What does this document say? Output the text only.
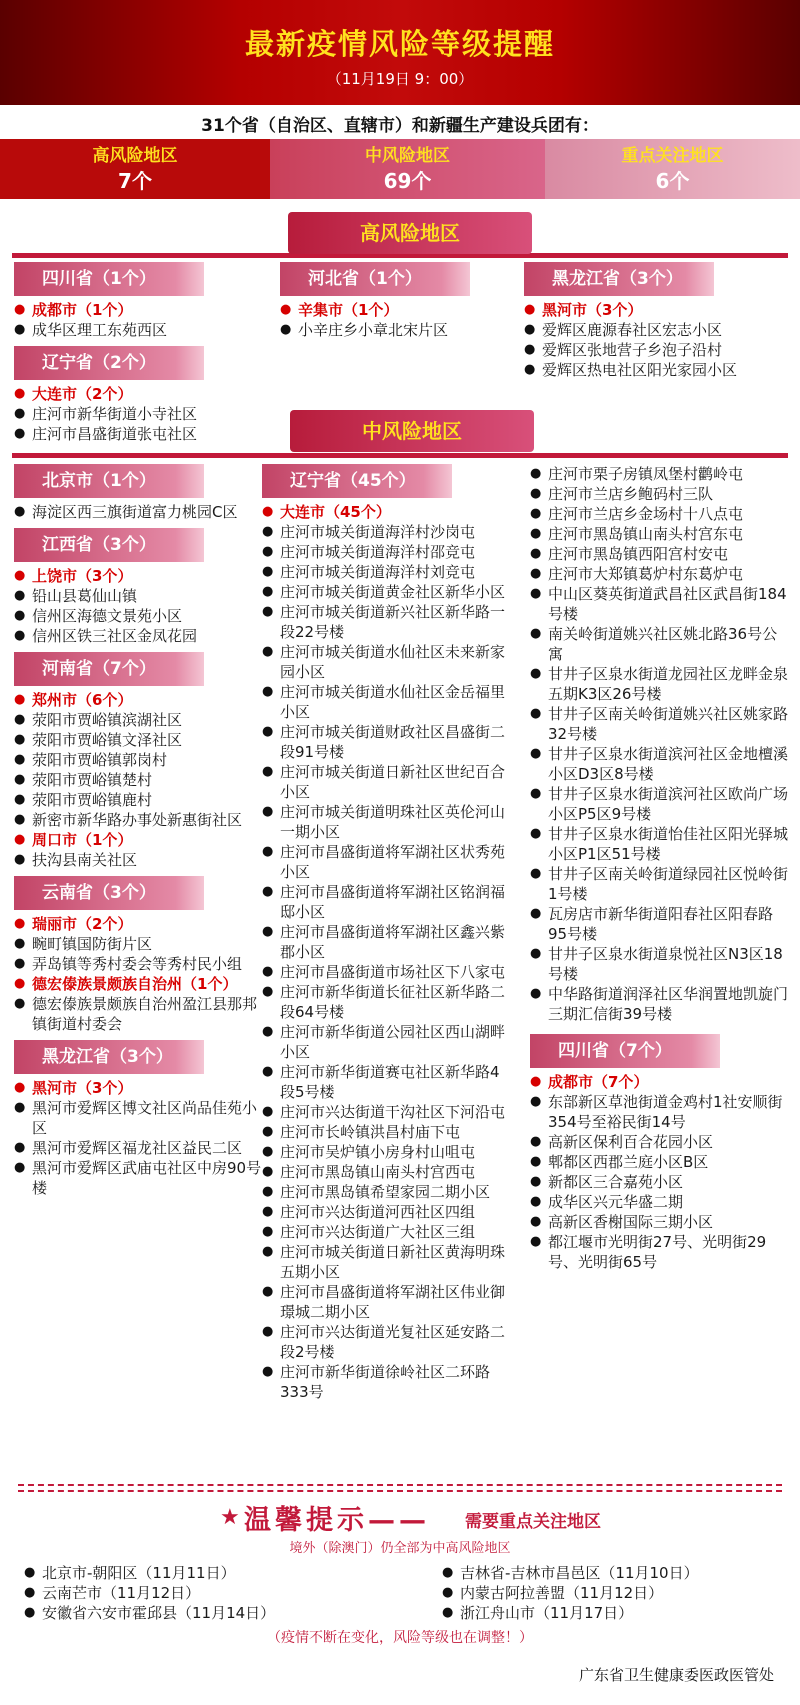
最新疫情风险等级提醒
（11月19日 9：00）
31个省（自治区、直辖市）和新疆生产建设兵团有：
高风险地区
7个
中风险地区
69个
重点关注地区
6个
高风险地区
四川省（1个）
● 成都市（1个）
● 成华区理工东苑西区
辽宁省（2个）
● 大连市（2个）
● 庄河市新华街道小寺社区
● 庄河市昌盛街道张屯社区
河北省（1个）
● 辛集市（1个）
● 小辛庄乡小章北宋片区
黑龙江省（3个）
● 黑河市（3个）
● 爱辉区鹿源春社区宏志小区
● 爱辉区张地营子乡泡子沿村
● 爱辉区热电社区阳光家园小区
中风险地区
北京市（1个）
● 海淀区西三旗街道富力桃园C区
江西省（3个）
● 上饶市（3个）
● 铅山县葛仙山镇
● 信州区海德文景苑小区
● 信州区铁三社区金凤花园
河南省（7个）
● 郑州市（6个）
● 荥阳市贾峪镇滨湖社区
● 荥阳市贾峪镇文泽社区
● 荥阳市贾峪镇郭岗村
● 荥阳市贾峪镇楚村
● 荥阳市贾峪镇鹿村
● 新密市新华路办事处新惠街社区
● 周口市（1个）
● 扶沟县南关社区
云南省（3个）
● 瑞丽市（2个）
● 畹町镇国防街片区
● 弄岛镇等秀村委会等秀村民小组
● 德宏傣族景颇族自治州（1个）
● 德宏傣族景颇族自治州盈江县那邦镇街道村委会
黑龙江省（3个）
● 黑河市（3个）
● 黑河市爱辉区博文社区尚品佳苑小区
● 黑河市爱辉区福龙社区益民二区
● 黑河市爱辉区武庙屯社区中房90号楼
辽宁省（45个）
● 大连市（45个）
● 庄河市城关街道海洋村沙岗屯
● 庄河市城关街道海洋村邵竞屯
● 庄河市城关街道海洋村刘竞屯
● 庄河市城关街道黄金社区新华小区
● 庄河市城关街道新兴社区新华路一段22号楼
● 庄河市城关街道水仙社区未来新家园小区
● 庄河市城关街道水仙社区金岳福里小区
● 庄河市城关街道财政社区昌盛街二段91号楼
● 庄河市城关街道日新社区世纪百合小区
● 庄河市城关街道明珠社区英伦河山一期小区
● 庄河市昌盛街道将军湖社区状秀苑小区
● 庄河市昌盛街道将军湖社区铭润福邸小区
● 庄河市昌盛街道将军湖社区鑫兴紫郡小区
● 庄河市昌盛街道市场社区下八家屯
● 庄河市新华街道长征社区新华路二段64号楼
● 庄河市新华街道公园社区西山湖畔小区
● 庄河市新华街道赛屯社区新华路4段5号楼
● 庄河市兴达街道干沟社区下河沿屯
● 庄河市长岭镇洪昌村庙下屯
● 庄河市吴炉镇小房身村山咀屯
● 庄河市黑岛镇山南头村宫西屯
● 庄河市黑岛镇希望家园二期小区
● 庄河市兴达街道河西社区四组
● 庄河市兴达街道广大社区三组
● 庄河市城关街道日新社区黄海明珠五期小区
● 庄河市昌盛街道将军湖社区伟业御璟城二期小区
● 庄河市兴达街道光复社区延安路二段2号楼
● 庄河市新华街道徐岭社区二环路333号
● 庄河市栗子房镇凤堡村鹳岭屯
● 庄河市兰店乡鲍码村三队
● 庄河市兰店乡金场村十八点屯
● 庄河市黑岛镇山南头村宫东屯
● 庄河市黑岛镇西阳宫村安屯
● 庄河市大郑镇葛炉村东葛炉屯
● 中山区葵英街道武昌社区武昌街184号楼
● 南关岭街道姚兴社区姚北路36号公寓
● 甘井子区泉水街道龙园社区龙畔金泉五期K3区26号楼
● 甘井子区南关岭街道姚兴社区姚家路32号楼
● 甘井子区泉水街道滨河社区金地檀溪小区D3区8号楼
● 甘井子区泉水街道滨河社区欧尚广场小区P5区9号楼
● 甘井子区泉水街道怡佳社区阳光驿城小区P1区51号楼
● 甘井子区南关岭街道绿园社区悦岭街1号楼
● 瓦房店市新华街道阳春社区阳春路95号楼
● 甘井子区泉水街道泉悦社区N3区18号楼
● 中华路街道润泽社区华润置地凯旋门三期汇信街39号楼
四川省（7个）
● 成都市（7个）
● 东部新区草池街道金鸡村1社安顺街354号至裕民街14号
● 高新区保利百合花园小区
● 郫都区西郡兰庭小区B区
● 新都区三合嘉苑小区
● 成华区兴元华盛二期
● 高新区香榭国际三期小区
● 都江堰市光明街27号、光明街29号、光明街65号
★ 温馨提示—— 需要重点关注地区
境外（除澳门）仍全部为中高风险地区
● 北京市-朝阳区（11月11日）
● 云南芒市（11月12日）
● 安徽省六安市霍邱县（11月14日）
● 吉林省-吉林市昌邑区（11月10日）
● 内蒙古阿拉善盟（11月12日）
● 浙江舟山市（11月17日）
（疫情不断在变化，风险等级也在调整！）
广东省卫生健康委医政医管处
